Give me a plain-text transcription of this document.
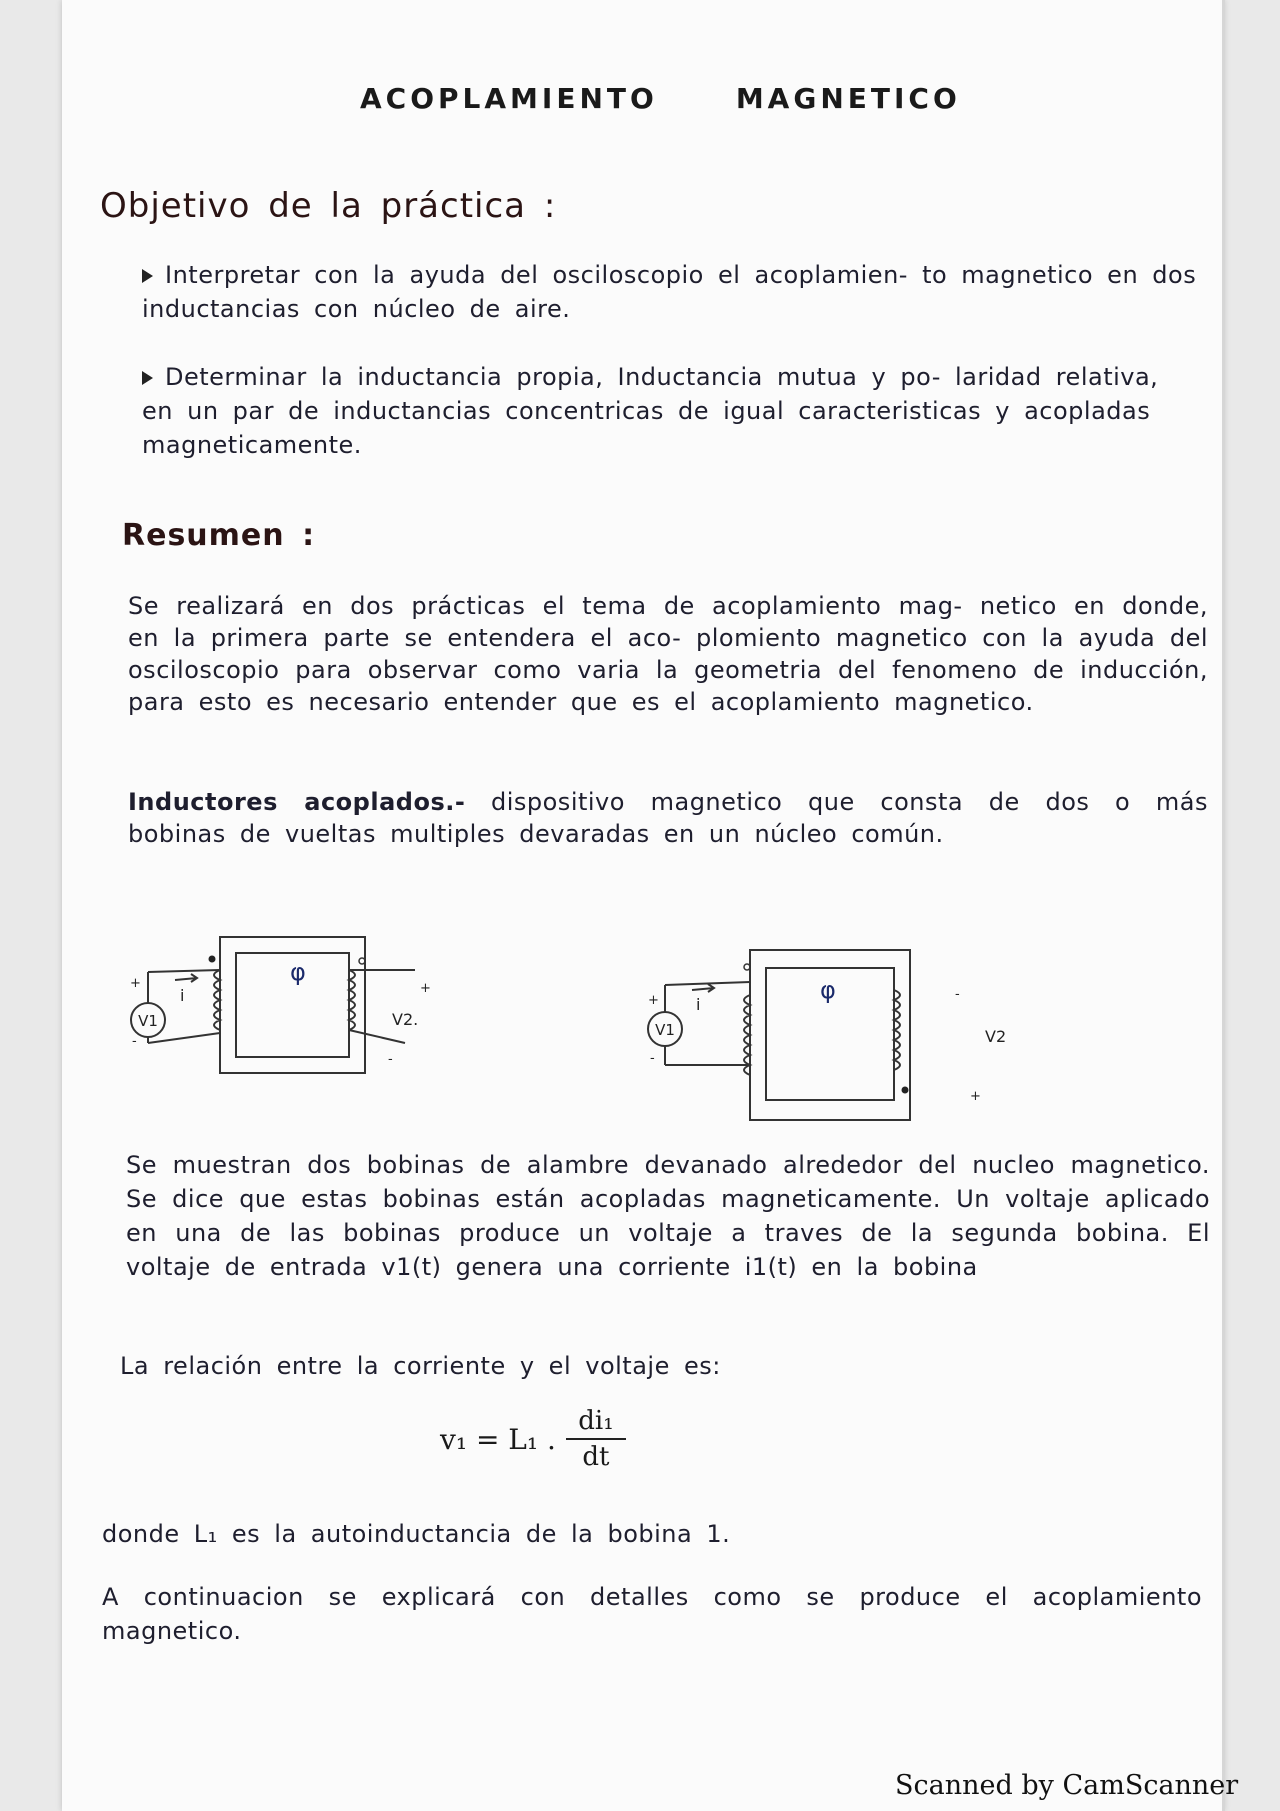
ACOPLAMIENTO	MAGNETICO
Objetivo de la práctica :
Interpretar con la ayuda del osciloscopio el acoplamien- to magnetico en dos inductancias con núcleo de aire.
Determinar la inductancia propia, Inductancia mutua y po- laridad relativa, en un par de inductancias concentricas de igual caracteristicas y acopladas magneticamente.
Resumen :
Se realizará en dos prácticas el tema de acoplamiento mag- netico en donde, en la primera parte se entendera el aco- plomiento magnetico con la ayuda del osciloscopio para observar como varia la geometria del fenomeno de inducción, para esto es necesario entender que es el acoplamiento magnetico.
Inductores acoplados.- dispositivo magnetico que consta de dos o más bobinas de vueltas multiples devaradas en un núcleo común.
V1
+
-
i
φ
+
V2.
-
V1
+
-
i
φ	-
V2
+
Se muestran dos bobinas de alambre devanado alrededor del nucleo magnetico. Se dice que estas bobinas están acopladas magneticamente. Un voltaje aplicado en una de las bobinas produce un voltaje a traves de la segunda bobina. El voltaje de entrada v1(t) genera una corriente i1(t) en la bobina
La relación entre la corriente y el voltaje es:
v₁ = L₁ . $\frac{\text{di₁}}{dt}$
donde L₁ es la autoinductancia de la bobina 1.
A continuacion se explicará con detalles como se produce el acoplamiento magnetico.
Scanned by CamScanner
